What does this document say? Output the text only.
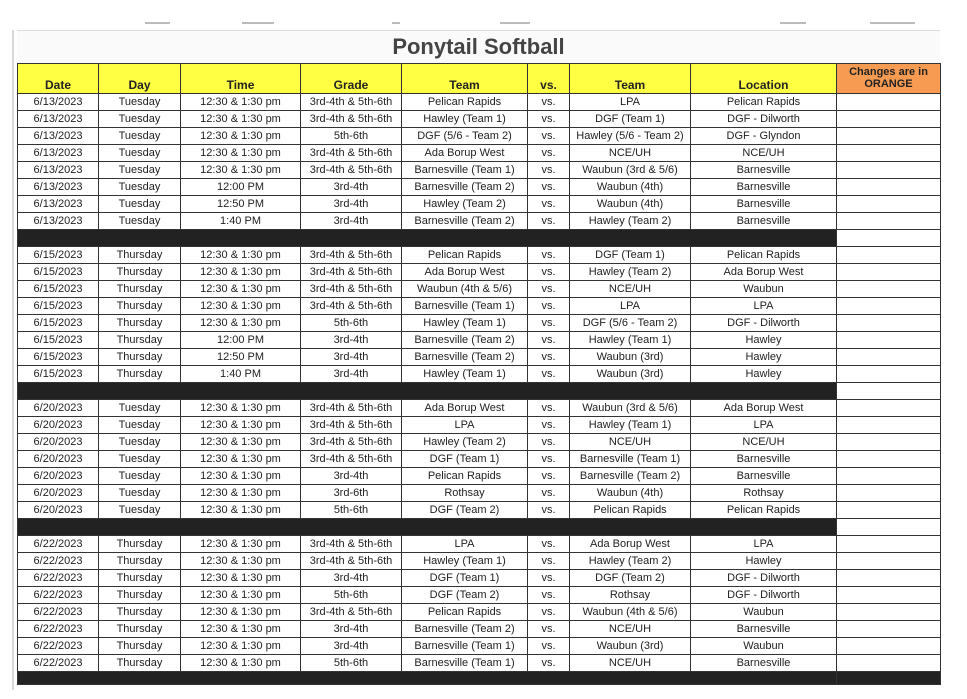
Ponytail Softball
Date	Day	Time	Grade	Team	vs.	Team	Location	Changes are in ORANGE
6/13/2023	Tuesday	12:30 & 1:30 pm	3rd-4th & 5th-6th	Pelican Rapids	vs.	LPA	Pelican Rapids	
6/13/2023	Tuesday	12:30 & 1:30 pm	3rd-4th & 5th-6th	Hawley (Team 1)	vs.	DGF (Team 1)	DGF - Dilworth	
6/13/2023	Tuesday	12:30 & 1:30 pm	5th-6th	DGF (5/6 - Team 2)	vs.	Hawley (5/6 - Team 2)	DGF - Glyndon	
6/13/2023	Tuesday	12:30 & 1:30 pm	3rd-4th & 5th-6th	Ada Borup West	vs.	NCE/UH	NCE/UH	
6/13/2023	Tuesday	12:30 & 1:30 pm	3rd-4th & 5th-6th	Barnesville (Team 1)	vs.	Waubun (3rd & 5/6)	Barnesville	
6/13/2023	Tuesday	12:00 PM	3rd-4th	Barnesville (Team 2)	vs.	Waubun (4th)	Barnesville	
6/13/2023	Tuesday	12:50 PM	3rd-4th	Hawley (Team 2)	vs.	Waubun (4th)	Barnesville	
6/13/2023	Tuesday	1:40 PM	3rd-4th	Barnesville (Team 2)	vs.	Hawley (Team 2)	Barnesville	

6/15/2023	Thursday	12:30 & 1:30 pm	3rd-4th & 5th-6th	Pelican Rapids	vs.	DGF (Team 1)	Pelican Rapids	
6/15/2023	Thursday	12:30 & 1:30 pm	3rd-4th & 5th-6th	Ada Borup West	vs.	Hawley (Team 2)	Ada Borup West	
6/15/2023	Thursday	12:30 & 1:30 pm	3rd-4th & 5th-6th	Waubun (4th & 5/6)	vs.	NCE/UH	Waubun	
6/15/2023	Thursday	12:30 & 1:30 pm	3rd-4th & 5th-6th	Barnesville (Team 1)	vs.	LPA	LPA	
6/15/2023	Thursday	12:30 & 1:30 pm	5th-6th	Hawley (Team 1)	vs.	DGF (5/6 - Team 2)	DGF - Dilworth	
6/15/2023	Thursday	12:00 PM	3rd-4th	Barnesville (Team 2)	vs.	Hawley (Team 1)	Hawley	
6/15/2023	Thursday	12:50 PM	3rd-4th	Barnesville (Team 2)	vs.	Waubun (3rd)	Hawley	
6/15/2023	Thursday	1:40 PM	3rd-4th	Hawley (Team 1)	vs.	Waubun (3rd)	Hawley	

6/20/2023	Tuesday	12:30 & 1:30 pm	3rd-4th & 5th-6th	Ada Borup West	vs.	Waubun (3rd & 5/6)	Ada Borup West	
6/20/2023	Tuesday	12:30 & 1:30 pm	3rd-4th & 5th-6th	LPA	vs.	Hawley (Team 1)	LPA	
6/20/2023	Tuesday	12:30 & 1:30 pm	3rd-4th & 5th-6th	Hawley (Team 2)	vs.	NCE/UH	NCE/UH	
6/20/2023	Tuesday	12:30 & 1:30 pm	3rd-4th & 5th-6th	DGF (Team 1)	vs.	Barnesville (Team 1)	Barnesville	
6/20/2023	Tuesday	12:30 & 1:30 pm	3rd-4th	Pelican Rapids	vs.	Barnesville (Team 2)	Barnesville	
6/20/2023	Tuesday	12:30 & 1:30 pm	3rd-6th	Rothsay	vs.	Waubun (4th)	Rothsay	
6/20/2023	Tuesday	12:30 & 1:30 pm	5th-6th	DGF (Team 2)	vs.	Pelican Rapids	Pelican Rapids	

6/22/2023	Thursday	12:30 & 1:30 pm	3rd-4th & 5th-6th	LPA	vs.	Ada Borup West	LPA	
6/22/2023	Thursday	12:30 & 1:30 pm	3rd-4th & 5th-6th	Hawley (Team 1)	vs.	Hawley (Team 2)	Hawley	
6/22/2023	Thursday	12:30 & 1:30 pm	3rd-4th	DGF (Team 1)	vs.	DGF (Team 2)	DGF - Dilworth	
6/22/2023	Thursday	12:30 & 1:30 pm	5th-6th	DGF (Team 2)	vs.	Rothsay	DGF - Dilworth	
6/22/2023	Thursday	12:30 & 1:30 pm	3rd-4th & 5th-6th	Pelican Rapids	vs.	Waubun (4th & 5/6)	Waubun	
6/22/2023	Thursday	12:30 & 1:30 pm	3rd-4th	Barnesville (Team 2)	vs.	NCE/UH	Barnesville	
6/22/2023	Thursday	12:30 & 1:30 pm	3rd-4th	Barnesville (Team 1)	vs.	Waubun (3rd)	Waubun	
6/22/2023	Thursday	12:30 & 1:30 pm	5th-6th	Barnesville (Team 1)	vs.	NCE/UH	Barnesville	
